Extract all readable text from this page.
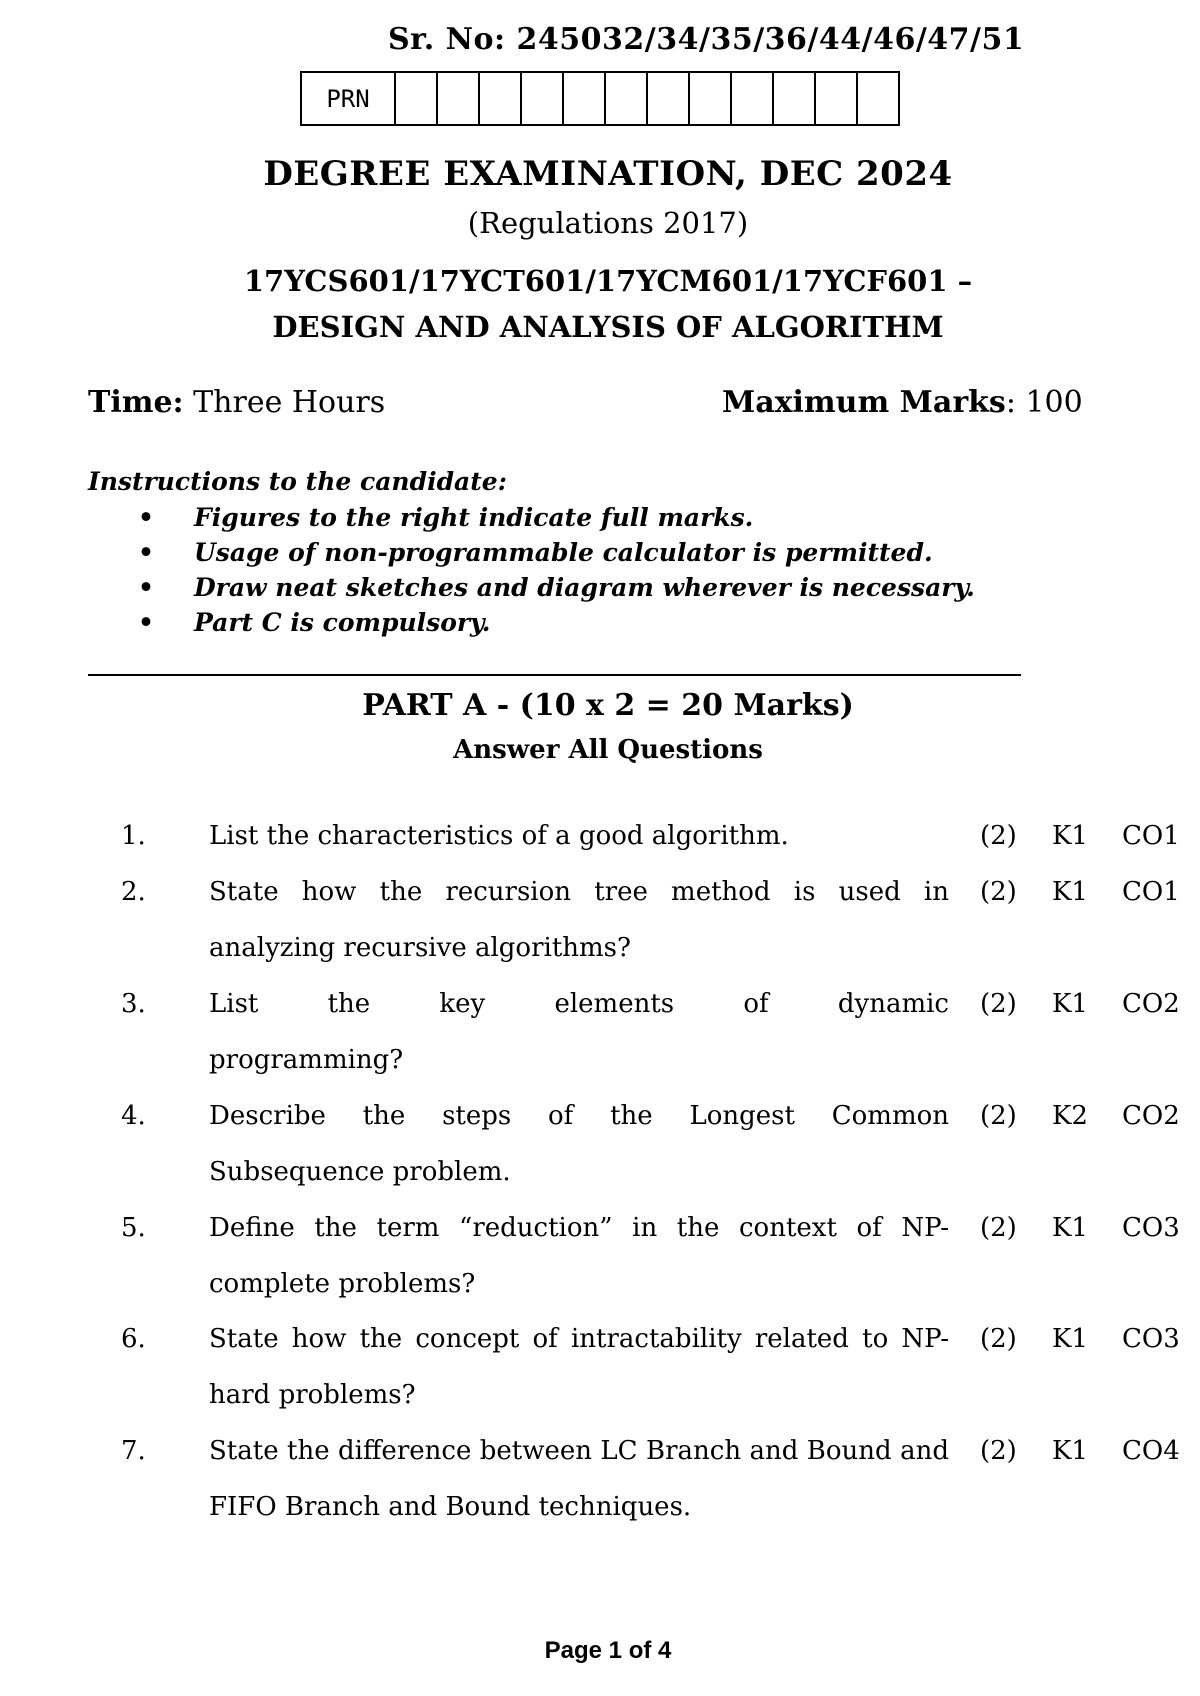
Sr. No: 245032/34/35/36/44/46/47/51
PRN												
DEGREE EXAMINATION, DEC 2024
(Regulations 2017)
17YCS601/17YCT601/17YCM601/17YCF601 –
DESIGN AND ANALYSIS OF ALGORITHM
Time: Three Hours	Maximum Marks: 100
Instructions to the candidate:
• Figures to the right indicate full marks.
• Usage of non-programmable calculator is permitted.
• Draw neat sketches and diagram wherever is necessary.
• Part C is compulsory.
PART A - (10 x 2 = 20 Marks)
Answer All Questions
1. List the characteristics of a good algorithm.	(2) K1 CO1
2. State how the recursion tree method is used in analyzing recursive algorithms?
(2) K1 CO1
3. List the key elements of dynamic programming?
(2) K1 CO2
4. Describe the steps of the Longest Common Subsequence problem.
(2) K2 CO2
5. Define the term “reduction” in the context of NP-complete problems?
(2) K1 CO3
6. State how the concept of intractability related to NP-hard problems?
(2) K1 CO3
7. State the difference between LC Branch and Bound and FIFO Branch and Bound techniques.
(2) K1 CO4
Page 1 of 4
